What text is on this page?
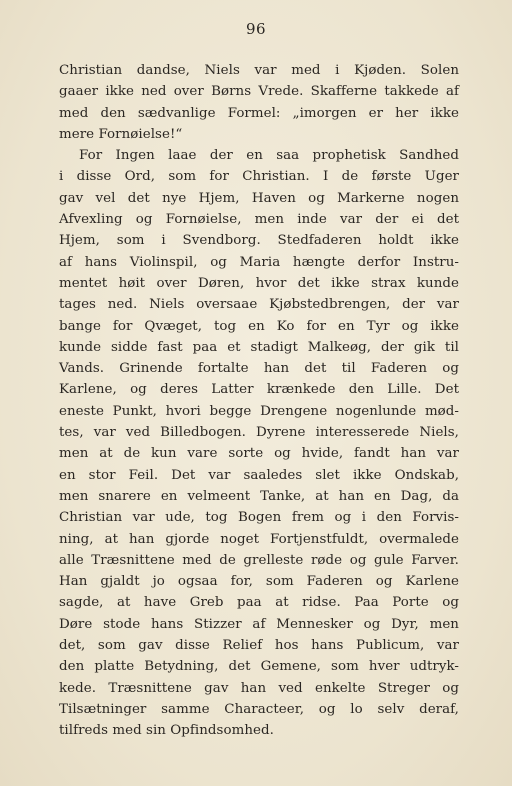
96
Christian dandsе, Niels var med i Kjøden. Solen
gaaer ikke ned over Børns Vrede. Skafferne takkede af
med den sædvanlige Formel: „imorgen er her ikke
mere Fornøielse!“
For Ingen laae der en saa prophetisk Sandhed
i disse Ord, som for Christian. I de første Uger
gav vel det nye Hjem, Haven og Markerne nogen
Afvexling og Fornøielse, men inde var der ei det
Hjem, som i Svendborg. Stedfaderen holdt ikke
af hans Violinspil, og Maria hængte derfor Instru-
mentet høit over Døren, hvor det ikke strax kunde
tages ned. Niels oversaae Kjøbstedbrengen, der var
bange for Qvæget, tog en Ko for en Tyr og ikke
kunde sidde fast paa et stadigt Malkeøg, der gik til
Vands. Grinende fortalte han det til Faderen og
Karlene, og deres Latter krænkede den Lille. Det
eneste Punkt, hvori begge Drengene nogenlunde mød-
tes, var ved Billedbogen. Dyrene interesserede Niels,
men at de kun vare sorte og hvide, fandt han var
en stor Feil. Det var saaledes slet ikke Ondskab,
men snarere en velmeent Tanke, at han en Dag, da
Christian var ude, tog Bogen frem og i den Forvis-
ning, at han gjorde noget Fortjenstfuldt, overmalede
alle Træsnittene med de grelleste røde og gule Farver.
Han gjaldt jo ogsaa for, som Faderen og Karlene
sagde, at have Greb paa at ridse. Paa Porte og
Døre stode hans Stizzer af Mennesker og Dyr, men
det, som gav disse Relief hos hans Publicum, var
den platte Betydning, det Gemene, som hver udtryk-
kede. Træsnittene gav han ved enkelte Streger og
Tilsætninger samme Characteer, og lo selv deraf,
tilfreds med sin Opfindsomhed.
